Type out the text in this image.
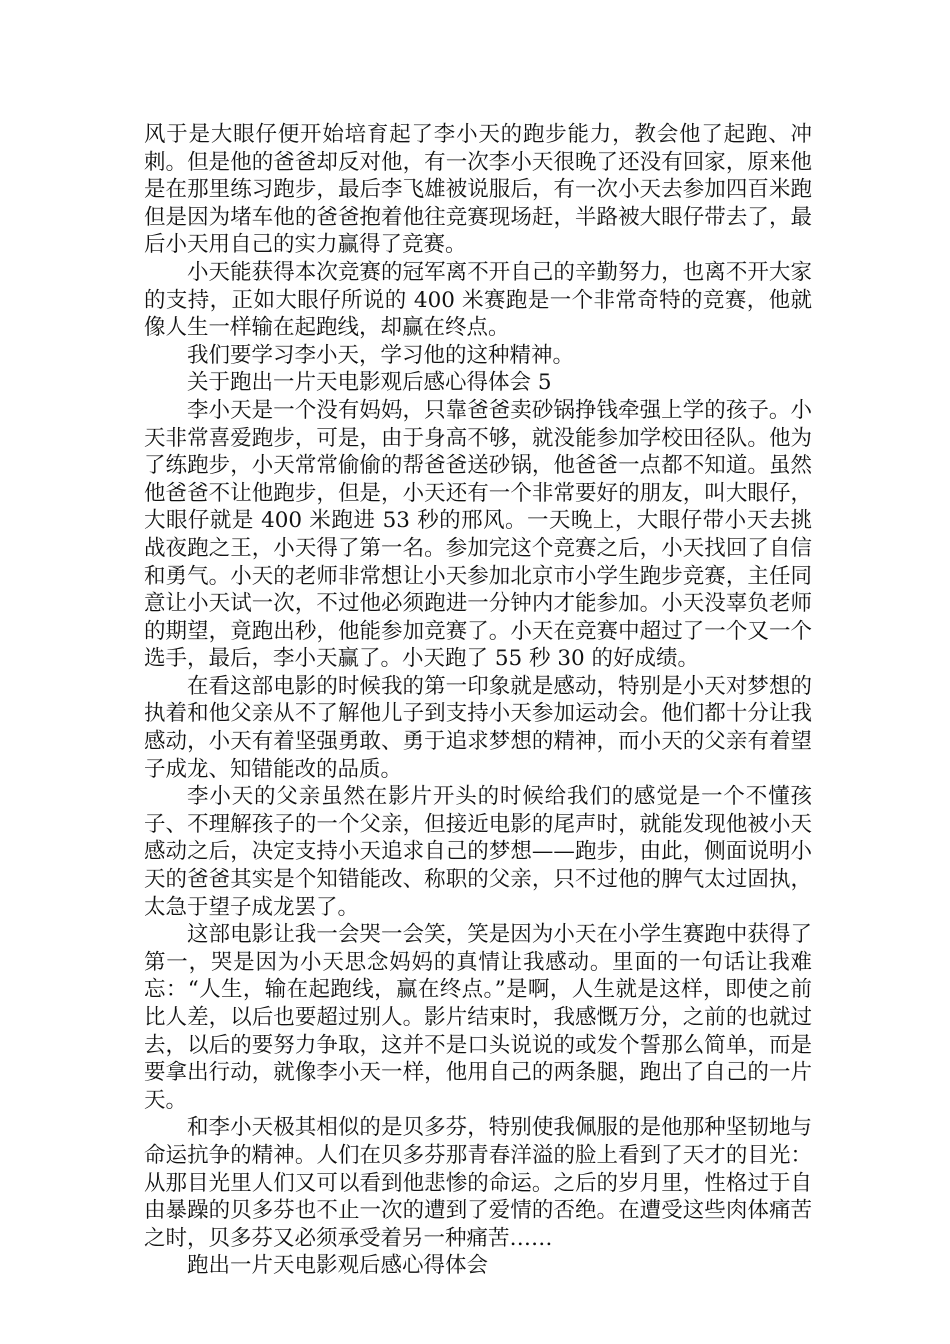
风于是大眼仔便开始培育起了李小天的跑步能力，教会他了起跑、冲刺。但是他的爸爸却反对他，有一次李小天很晚了还没有回家，原来他是在那里练习跑步，最后李飞雄被说服后，有一次小天去参加四百米跑但是因为堵车他的爸爸抱着他往竞赛现场赶，半路被大眼仔带去了，最后小天用自己的实力赢得了竞赛。

小天能获得本次竞赛的冠军离不开自己的辛勤努力，也离不开大家的支持，正如大眼仔所说的 400 米赛跑是一个非常奇特的竞赛，他就像人生一样输在起跑线，却赢在终点。

我们要学习李小天，学习他的这种精神。

关于跑出一片天电影观后感心得体会 5

李小天是一个没有妈妈，只靠爸爸卖砂锅挣钱牵强上学的孩子。小天非常喜爱跑步，可是，由于身高不够，就没能参加学校田径队。他为了练跑步，小天常常偷偷的帮爸爸送砂锅，他爸爸一点都不知道。虽然他爸爸不让他跑步，但是，小天还有一个非常要好的朋友，叫大眼仔，大眼仔就是 400 米跑进 53 秒的邢风。一天晚上，大眼仔带小天去挑战夜跑之王，小天得了第一名。参加完这个竞赛之后，小天找回了自信和勇气。小天的老师非常想让小天参加北京市小学生跑步竞赛，主任同意让小天试一次，不过他必须跑进一分钟内才能参加。小天没辜负老师的期望，竟跑出秒，他能参加竞赛了。小天在竞赛中超过了一个又一个选手，最后，李小天赢了。小天跑了 55 秒 30 的好成绩。

在看这部电影的时候我的第一印象就是感动，特别是小天对梦想的执着和他父亲从不了解他儿子到支持小天参加运动会。他们都十分让我感动，小天有着坚强勇敢、勇于追求梦想的精神，而小天的父亲有着望子成龙、知错能改的品质。

李小天的父亲虽然在影片开头的时候给我们的感觉是一个不懂孩子、不理解孩子的一个父亲，但接近电影的尾声时，就能发现他被小天感动之后，决定支持小天追求自己的梦想——跑步，由此，侧面说明小天的爸爸其实是个知错能改、称职的父亲，只不过他的脾气太过固执，太急于望子成龙罢了。

这部电影让我一会哭一会笑，笑是因为小天在小学生赛跑中获得了第一，哭是因为小天思念妈妈的真情让我感动。里面的一句话让我难忘：“人生，输在起跑线，赢在终点。”是啊，人生就是这样，即使之前比人差，以后也要超过别人。影片结束时，我感慨万分，之前的也就过去，以后的要努力争取，这并不是口头说说的或发个誓那么简单，而是要拿出行动，就像李小天一样，他用自己的两条腿，跑出了自己的一片天。

和李小天极其相似的是贝多芬，特别使我佩服的是他那种坚韧地与命运抗争的精神。人们在贝多芬那青春洋溢的脸上看到了天才的目光：从那目光里人们又可以看到他悲惨的命运。之后的岁月里，性格过于自由暴躁的贝多芬也不止一次的遭到了爱情的否绝。在遭受这些肉体痛苦之时，贝多芬又必须承受着另一种痛苦……

跑出一片天电影观后感心得体会
